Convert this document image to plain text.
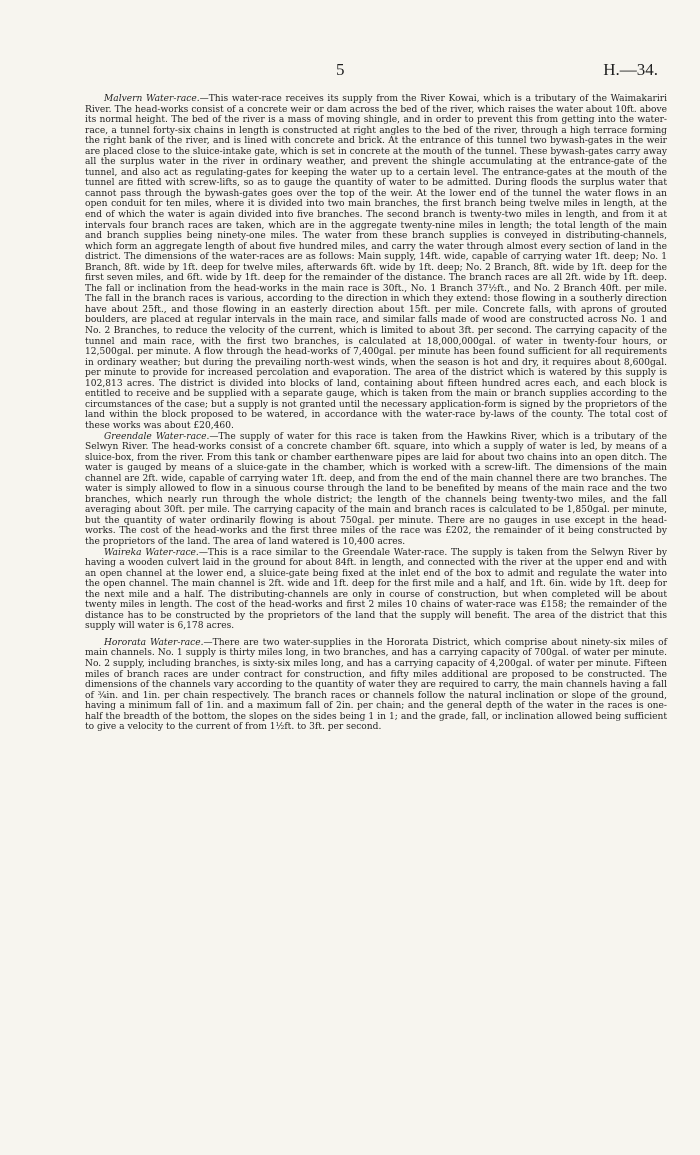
5	H.—34.

Malvern Water-race.—This water-race receives its supply from the River Kowai, which is a tributary of the Waimakariri River. The head-works consist of a concrete weir or dam across the bed of the river, which raises the water about 10ft. above its normal height. The bed of the river is a mass of moving shingle, and in order to prevent this from getting into the water-race, a tunnel forty-six chains in length is constructed at right angles to the bed of the river, through a high terrace forming the right bank of the river, and is lined with concrete and brick. At the entrance of this tunnel two bywash-gates in the weir are placed close to the sluice-intake gate, which is set in concrete at the mouth of the tunnel. These bywash-gates carry away all the surplus water in the river in ordinary weather, and prevent the shingle accumulating at the entrance-gate of the tunnel, and also act as regulating-gates for keeping the water up to a certain level. The entrance-gates at the mouth of the tunnel are fitted with screw-lifts, so as to gauge the quantity of water to be admitted. During floods the surplus water that cannot pass through the bywash-gates goes over the top of the weir. At the lower end of the tunnel the water flows in an open conduit for ten miles, where it is divided into two main branches, the first branch being twelve miles in length, at the end of which the water is again divided into five branches. The second branch is twenty-two miles in length, and from it at intervals four branch races are taken, which are in the aggregate twenty-nine miles in length; the total length of the main and branch supplies being ninety-one miles. The water from these branch supplies is conveyed in distributing-channels, which form an aggregate length of about five hundred miles, and carry the water through almost every section of land in the district. The dimensions of the water-races are as follows: Main supply, 14ft. wide, capable of carrying water 1ft. deep; No. 1 Branch, 8ft. wide by 1ft. deep for twelve miles, afterwards 6ft. wide by 1ft. deep; No. 2 Branch, 8ft. wide by 1ft. deep for the first seven miles, and 6ft. wide by 1ft. deep for the remainder of the distance. The branch races are all 2ft. wide by 1ft. deep. The fall or inclination from the head-works in the main race is 30ft., No. 1 Branch 37½ft., and No. 2 Branch 40ft. per mile. The fall in the branch races is various, according to the direction in which they extend: those flowing in a southerly direction have about 25ft., and those flowing in an easterly direction about 15ft. per mile. Concrete falls, with aprons of grouted boulders, are placed at regular intervals in the main race, and similar falls made of wood are constructed across No. 1 and No. 2 Branches, to reduce the velocity of the current, which is limited to about 3ft. per second. The carrying capacity of the tunnel and main race, with the first two branches, is calculated at 18,000,000gal. of water in twenty-four hours, or 12,500gal. per minute. A flow through the head-works of 7,400gal. per minute has been found sufficient for all requirements in ordinary weather; but during the prevailing north-west winds, when the season is hot and dry, it requires about 8,600gal. per minute to provide for increased percolation and evaporation. The area of the district which is watered by this supply is 102,813 acres. The district is divided into blocks of land, containing about fifteen hundred acres each, and each block is entitled to receive and be supplied with a separate gauge, which is taken from the main or branch supplies according to the circumstances of the case; but a supply is not granted until the necessary application-form is signed by the proprietors of the land within the block proposed to be watered, in accordance with the water-race by-laws of the county. The total cost of these works was about £20,460.

Greendale Water-race.—The supply of water for this race is taken from the Hawkins River, which is a tributary of the Selwyn River. The head-works consist of a concrete chamber 6ft. square, into which a supply of water is led, by means of a sluice-box, from the river. From this tank or chamber earthenware pipes are laid for about two chains into an open ditch. The water is gauged by means of a sluice-gate in the chamber, which is worked with a screw-lift. The dimensions of the main channel are 2ft. wide, capable of carrying water 1ft. deep, and from the end of the main channel there are two branches. The water is simply allowed to flow in a sinuous course through the land to be benefited by means of the main race and the two branches, which nearly run through the whole district; the length of the channels being twenty-two miles, and the fall averaging about 30ft. per mile. The carrying capacity of the main and branch races is calculated to be 1,850gal. per minute, but the quantity of water ordinarily flowing is about 750gal. per minute. There are no gauges in use except in the head-works. The cost of the head-works and the first three miles of the race was £202, the remainder of it being constructed by the proprietors of the land. The area of land watered is 10,400 acres.

Waireka Water-race.—This is a race similar to the Greendale Water-race. The supply is taken from the Selwyn River by having a wooden culvert laid in the ground for about 84ft. in length, and connected with the river at the upper end and with an open channel at the lower end, a sluice-gate being fixed at the inlet end of the box to admit and regulate the water into the open channel. The main channel is 2ft. wide and 1ft. deep for the first mile and a half, and 1ft. 6in. wide by 1ft. deep for the next mile and a half. The distributing-channels are only in course of construction, but when completed will be about twenty miles in length. The cost of the head-works and first 2 miles 10 chains of water-race was £158; the remainder of the distance has to be constructed by the proprietors of the land that the supply will benefit. The area of the district that this supply will water is 6,178 acres.

Hororata Water-race.—There are two water-supplies in the Hororata District, which comprise about ninety-six miles of main channels. No. 1 supply is thirty miles long, in two branches, and has a carrying capacity of 700gal. of water per minute. No. 2 supply, including branches, is sixty-six miles long, and has a carrying capacity of 4,200gal. of water per minute. Fifteen miles of branch races are under contract for construction, and fifty miles additional are proposed to be constructed. The dimensions of the channels vary according to the quantity of water they are required to carry, the main channels having a fall of ¾in. and 1in. per chain respectively. The branch races or channels follow the natural inclination or slope of the ground, having a minimum fall of 1in. and a maximum fall of 2in. per chain; and the general depth of the water in the races is one-half the breadth of the bottom, the slopes on the sides being 1 in 1; and the grade, fall, or inclination allowed being sufficient to give a velocity to the current of from 1½ft. to 3ft. per second.
